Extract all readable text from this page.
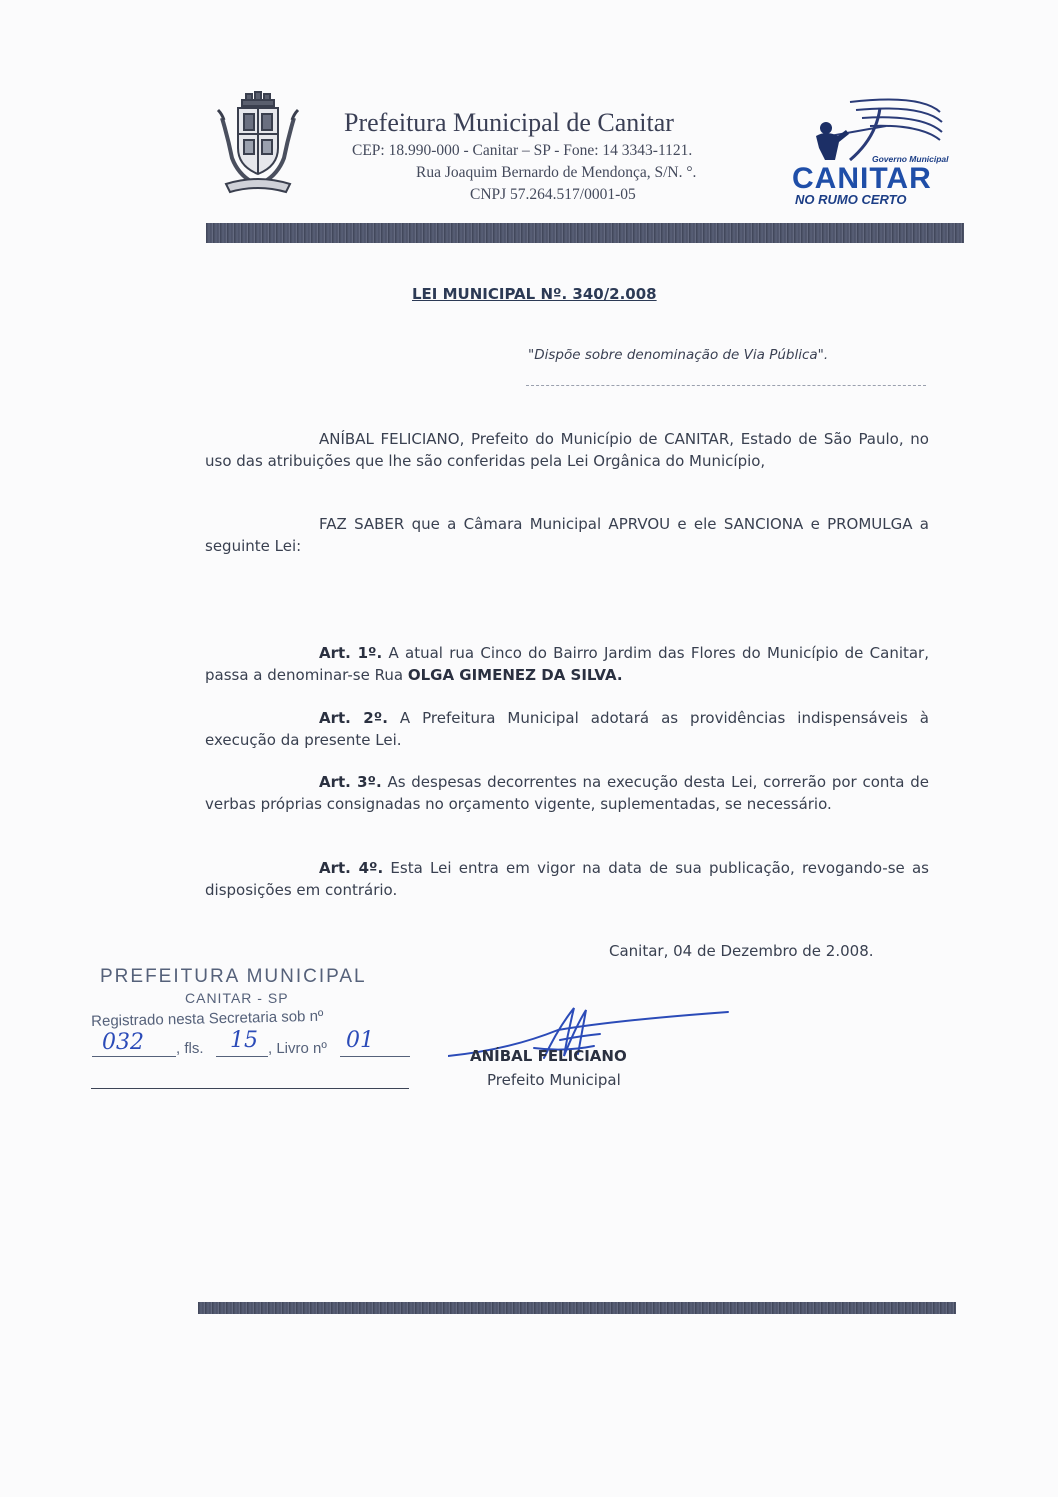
Prefeitura Municipal de Canitar
CEP: 18.990-000 - Canitar – SP - Fone: 14 3343-1121.
Rua Joaquim Bernardo de Mendonça, S/N. °.
CNPJ 57.264.517/0001-05
Governo Municipal
CANITAR
NO RUMO CERTO
LEI MUNICIPAL Nº. 340/2.008
"Dispõe sobre denominação de Via Pública".
ANÍBAL FELICIANO, Prefeito do Município de CANITAR, Estado de São Paulo, no uso das atribuições que lhe são conferidas pela Lei Orgânica do Município,
FAZ SABER que a Câmara Municipal APRVOU e ele SANCIONA e PROMULGA a seguinte Lei:
Art. 1º. A atual rua Cinco do Bairro Jardim das Flores do Município de Canitar, passa a denominar-se Rua OLGA GIMENEZ DA SILVA.
Art. 2º. A Prefeitura Municipal adotará as providências indispensáveis à execução da presente Lei.
Art. 3º. As despesas decorrentes na execução desta Lei, correrão por conta de verbas próprias consignadas no orçamento vigente, suplementadas, se necessário.
Art. 4º. Esta Lei entra em vigor na data de sua publicação, revogando-se as disposições em contrário.
Canitar, 04 de Dezembro de 2.008.
PREFEITURA MUNICIPAL
CANITAR - SP
Registrado nesta Secretaria sob nº
032 , fls. 15 , Livro nº 01
ANÍBAL FELICIANO
Prefeito Municipal
